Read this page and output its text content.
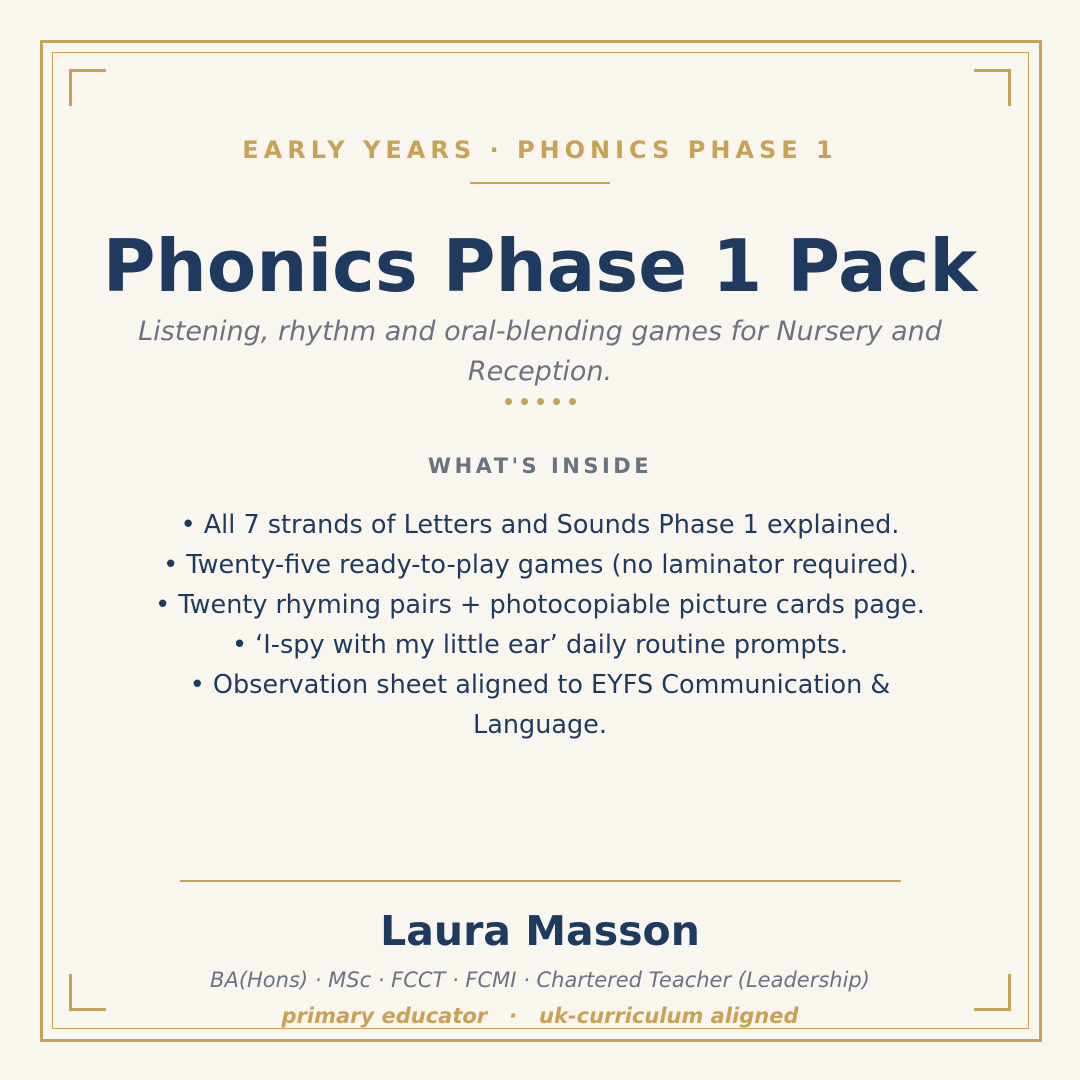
EARLY YEARS · PHONICS PHASE 1
Phonics Phase 1 Pack
Listening, rhythm and oral-blending games for Nursery and Reception.
WHAT'S INSIDE
• All 7 strands of Letters and Sounds Phase 1 explained.
• Twenty-five ready-to-play games (no laminator required).
• Twenty rhyming pairs + photocopiable picture cards page.
• ‘I-spy with my little ear’ daily routine prompts.
• Observation sheet aligned to EYFS Communication & Language.
Laura Masson
BA(Hons) · MSc · FCCT · FCMI · Chartered Teacher (Leadership)
primary educator   ·   uk-curriculum aligned
